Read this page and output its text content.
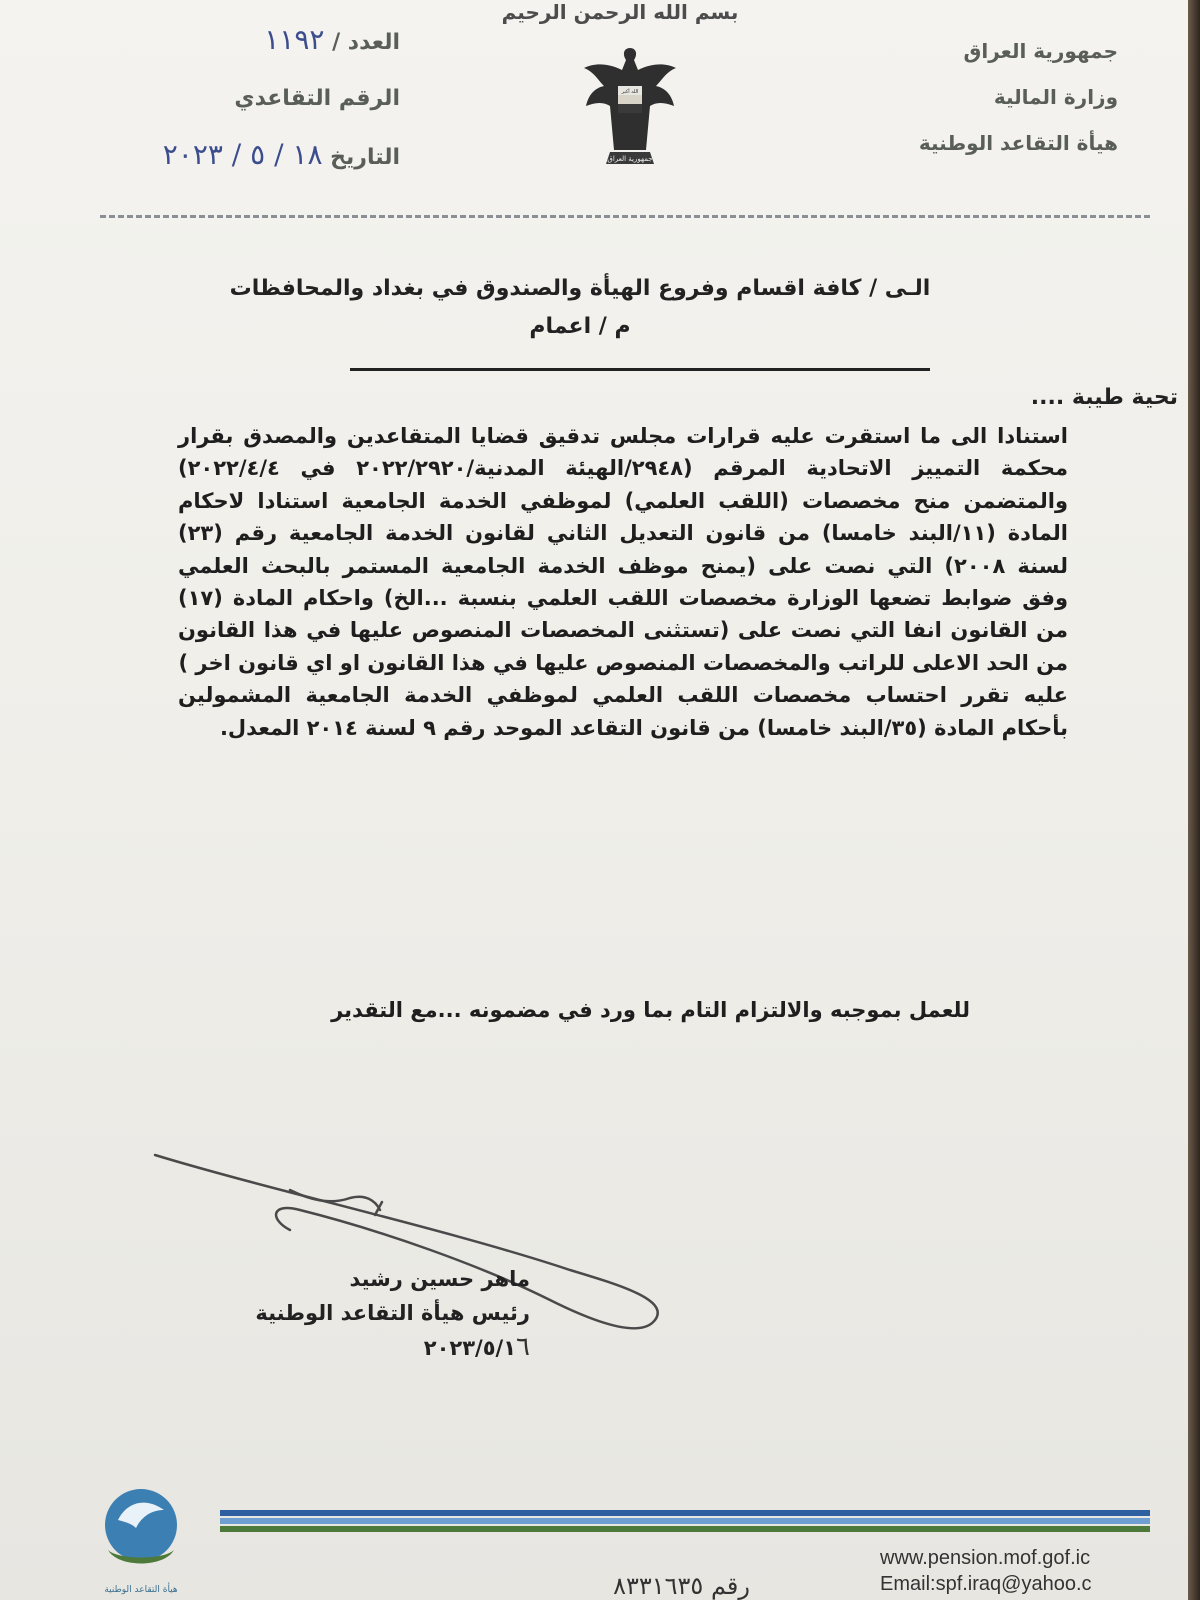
بسم الله الرحمن الرحيم
جمهورية العراق
وزارة المالية
هيأة التقاعد الوطنية
الله أكبر
جمهورية العراق
العدد / ١١٩٢
الرقم التقاعدي
التاريخ ١٨ / ٥ / ٢٠٢٣
الـى / كافة اقسام وفروع الهيأة والصندوق في بغداد والمحافظات
م / اعمام
تحية طيبة ....

استنادا الى ما استقرت عليه قرارات مجلس تدقيق قضايا المتقاعدين والمصدق بقرار محكمة التمييز الاتحادية المرقم (٢٩٤٨/الهيئة المدنية/٢٠٢٢/٢٩٢٠ في ٢٠٢٢/٤/٤) والمتضمن منح مخصصات (اللقب العلمي) لموظفي الخدمة الجامعية استنادا لاحكام المادة (١١/البند خامسا) من قانون التعديل الثاني لقانون الخدمة الجامعية رقم (٢٣) لسنة ٢٠٠٨) التي نصت على (يمنح موظف الخدمة الجامعية المستمر بالبحث العلمي وفق ضوابط تضعها الوزارة مخصصات اللقب العلمي بنسبة ...الخ) واحكام المادة (١٧) من القانون انفا التي نصت على (تستثنى المخصصات المنصوص عليها في هذا القانون من الحد الاعلى للراتب والمخصصات المنصوص عليها في هذا القانون او اي قانون اخر )

عليه تقرر احتساب مخصصات اللقب العلمي لموظفي الخدمة الجامعية المشمولين بأحكام المادة (٣٥/البند خامسا) من قانون التقاعد الموحد رقم ٩ لسنة ٢٠١٤ المعدل.

للعمل بموجبه والالتزام التام بما ورد في مضمونه ...مع التقدير
ماهر حسين رشيد
رئيس هيأة التقاعد الوطنية
٢٠٢٣/٥/١٦
هيأة التقاعد الوطنية
www.pension.mof.gof.ic
Email:spf.iraq@yahoo.c
رقم ٨٣٣١٦٣٥
